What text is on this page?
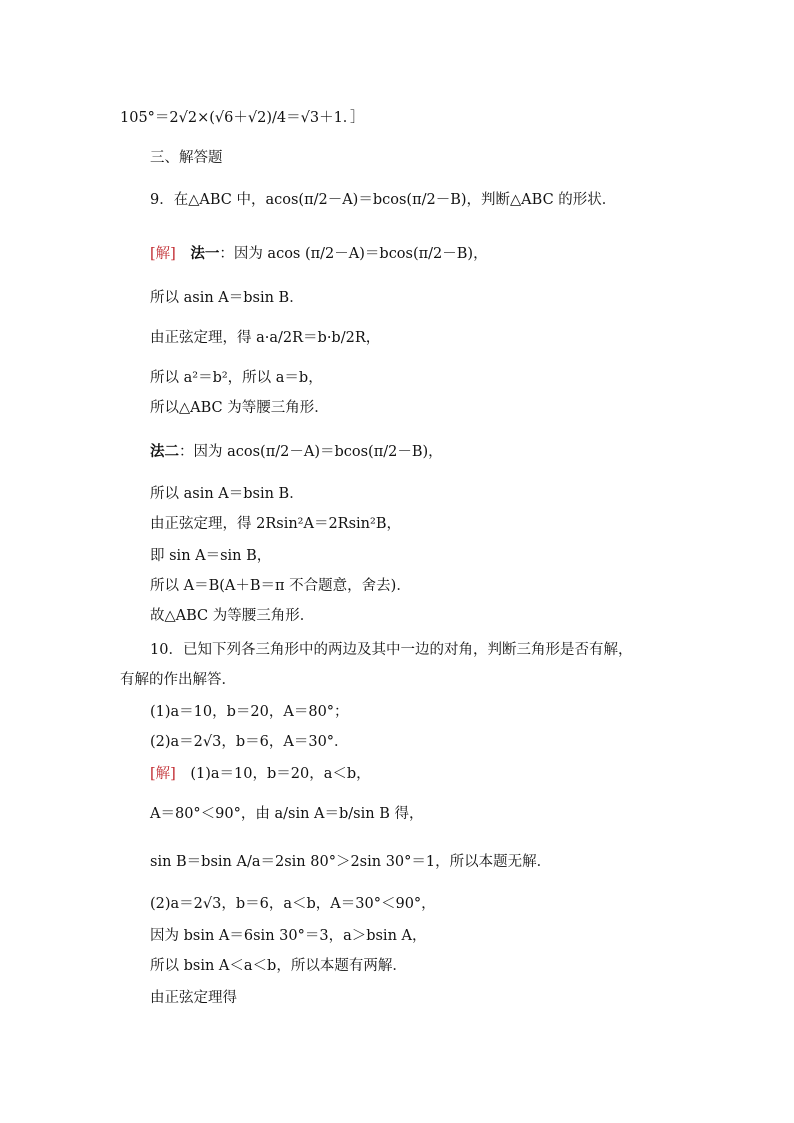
105°＝2√2×(√6＋√2)/4＝√3＋1．］
三、解答题
9．在△ABC 中，acos(π/2－A)＝bcos(π/2－B)，判断△ABC 的形状．
[解]　 法一：因为 acos (π/2－A)＝bcos(π/2－B)，
所以 asin A＝bsin B．
由正弦定理，得 a·a/2R＝b·b/2R，
所以 a²＝b²，所以 a＝b，
所以△ABC 为等腰三角形．
法二：因为 acos(π/2－A)＝bcos(π/2－B)，
所以 asin A＝bsin B．
由正弦定理，得 2Rsin²A＝2Rsin²B，
即 sin A＝sin B，
所以 A＝B(A＋B＝π 不合题意，舍去)．
故△ABC 为等腰三角形．
10．已知下列各三角形中的两边及其中一边的对角，判断三角形是否有解，
有解的作出解答．
(1)a＝10，b＝20，A＝80°；
(2)a＝2√3，b＝6，A＝30°．
[解]　(1)a＝10，b＝20，a＜b，
A＝80°＜90°，由 a/sin A＝b/sin B 得，
sin B＝bsin A/a＝2sin 80°＞2sin 30°＝1，所以本题无解．
(2)a＝2√3，b＝6，a＜b，A＝30°＜90°，
因为 bsin A＝6sin 30°＝3，a＞bsin A，
所以 bsin A＜a＜b，所以本题有两解．
由正弦定理得
